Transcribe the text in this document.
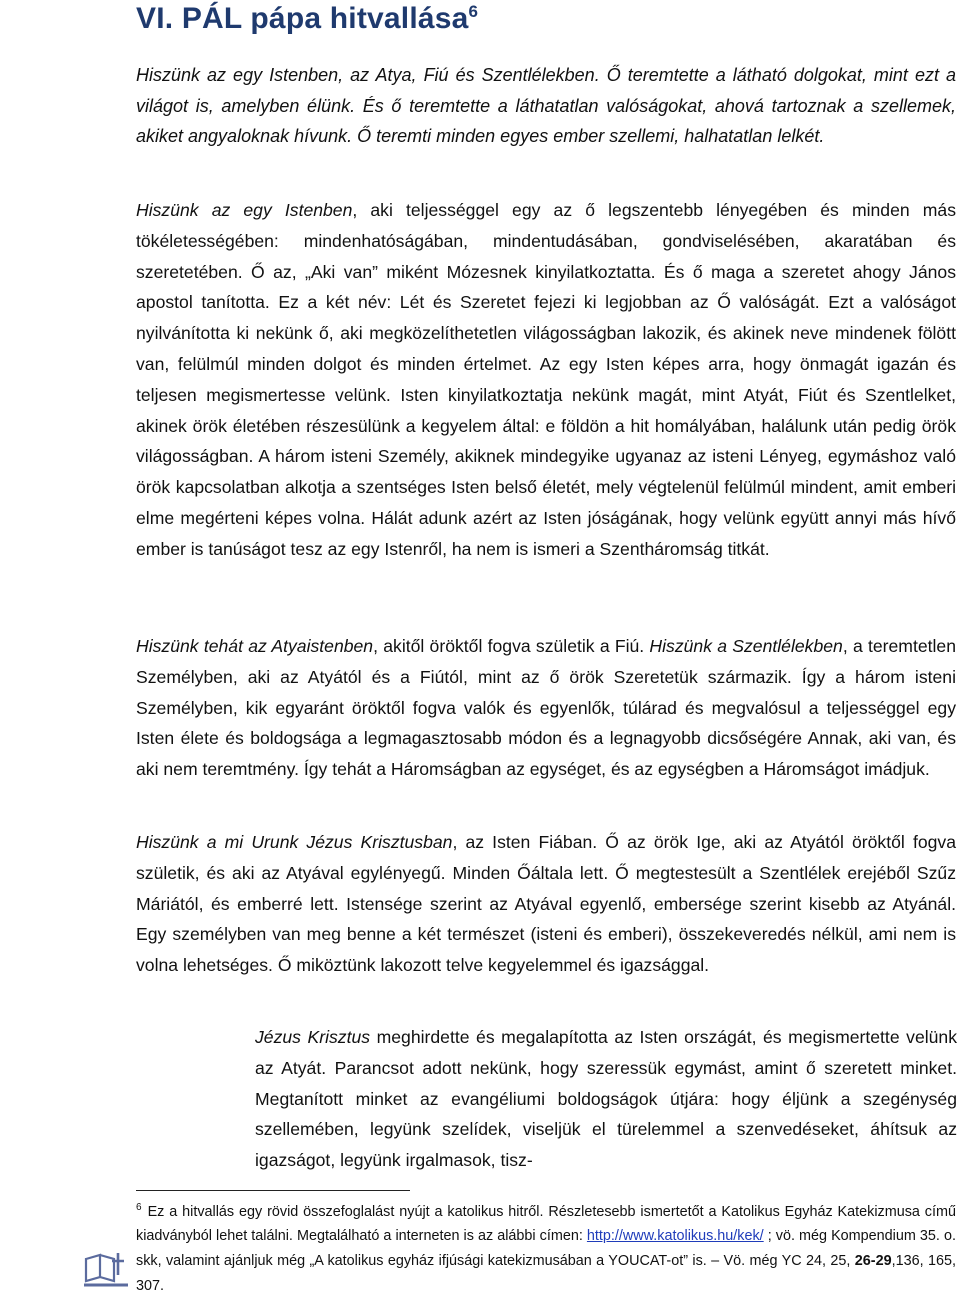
VI. PÁL pápa hitvallása$^6$

Hiszünk az egy Istenben, az Atya, Fiú és Szentlélekben. Ő teremtette a látható dolgokat, mint ezt a világot is, amelyben élünk. És ő teremtette a láthatatlan valóságokat, ahová tartoznak a szellemek, akiket angyaloknak hívunk. Ő teremti minden egyes ember szellemi, halhatatlan lelkét.

Hiszünk az egy Istenben, aki teljességgel egy az ő legszentebb lényegében és minden más tökéletességében: mindenhatóságában, mindentudásában, gondviselésében, akaratában és szeretetében. Ő az, „Aki van” miként Mózesnek kinyilatkoztatta. És ő maga a szeretet ahogy János apostol tanította. Ez a két név: Lét és Szeretet fejezi ki legjobban az Ő valóságát. Ezt a valóságot nyilvánította ki nekünk ő, aki megközelíthetetlen világosságban lakozik, és akinek neve mindenek fölött van, felülmúl minden dolgot és minden értelmet. Az egy Isten képes arra, hogy önmagát igazán és teljesen megismertesse velünk. Isten kinyilatkoztatja nekünk magát, mint Atyát, Fiút és Szentlelket, akinek örök életében részesülünk a kegyelem által: e földön a hit homályában, halálunk után pedig örök világosságban. A három isteni Személy, akiknek mindegyike ugyanaz az isteni Lényeg, egymáshoz való örök kapcsolatban alkotja a szentséges Isten belső életét, mely végtelenül felülmúl mindent, amit emberi elme megérteni képes volna. Hálát adunk azért az Isten jóságának, hogy velünk együtt annyi más hívő ember is tanúságot tesz az egy Istenről, ha nem is ismeri a Szentháromság titkát.

Hiszünk tehát az Atyaistenben, akitől öröktől fogva születik a Fiú. Hiszünk a Szentlélekben, a teremtetlen Személyben, aki az Atyától és a Fiútól, mint az ő örök Szeretetük származik. Így a három isteni Személyben, kik egyaránt öröktől fogva valók és egyenlők, túlárad és megvalósul a teljességgel egy Isten élete és boldogsága a legmagasztosabb módon és a legnagyobb dicsőségére Annak, aki van, és aki nem teremtmény. Így tehát a Háromságban az egységet, és az egységben a Háromságot imádjuk.

Hiszünk a mi Urunk Jézus Krisztusban, az Isten Fiában. Ő az örök Ige, aki az Atyától öröktől fogva születik, és aki az Atyával egylényegű. Minden Őáltala lett. Ő megtestesült a Szentlélek erejéből Szűz Máriától, és emberré lett. Istensége szerint az Atyával egyenlő, embersége szerint kisebb az Atyánál. Egy személyben van meg benne a két természet (isteni és emberi), összekeveredés nélkül, ami nem is volna lehetséges. Ő miköztünk lakozott telve kegyelemmel és igazsággal.

Jézus Krisztus meghirdette és megalapította az Isten országát, és megismertette velünk az Atyát. Parancsot adott nekünk, hogy szeressük egymást, amint ő szeretett minket. Megtanított minket az evangéliumi boldogságok útjára: hogy éljünk a szegénység szellemében, legyünk szelídek, viseljük el türelemmel a szenvedéseket, áhítsuk az igazságot, legyünk irgalmasok, tisz-

$^6$ Ez a hitvallás egy rövid összefoglalást nyújt a katolikus hitről. Részletesebb ismertetőt a Katolikus Egyház Katekizmusa című kiadványból lehet találni. Megtalálható a interneten is az alábbi címen: http://www.katolikus.hu/kek/ ; vö. még Kompendium 35. o. skk, valamint ajánljuk még „A katolikus egyház ifjúsági katekizmusában a YOUCAT-ot” is. – Vö. még YC 24, 25, 26-29,136, 165, 307.
